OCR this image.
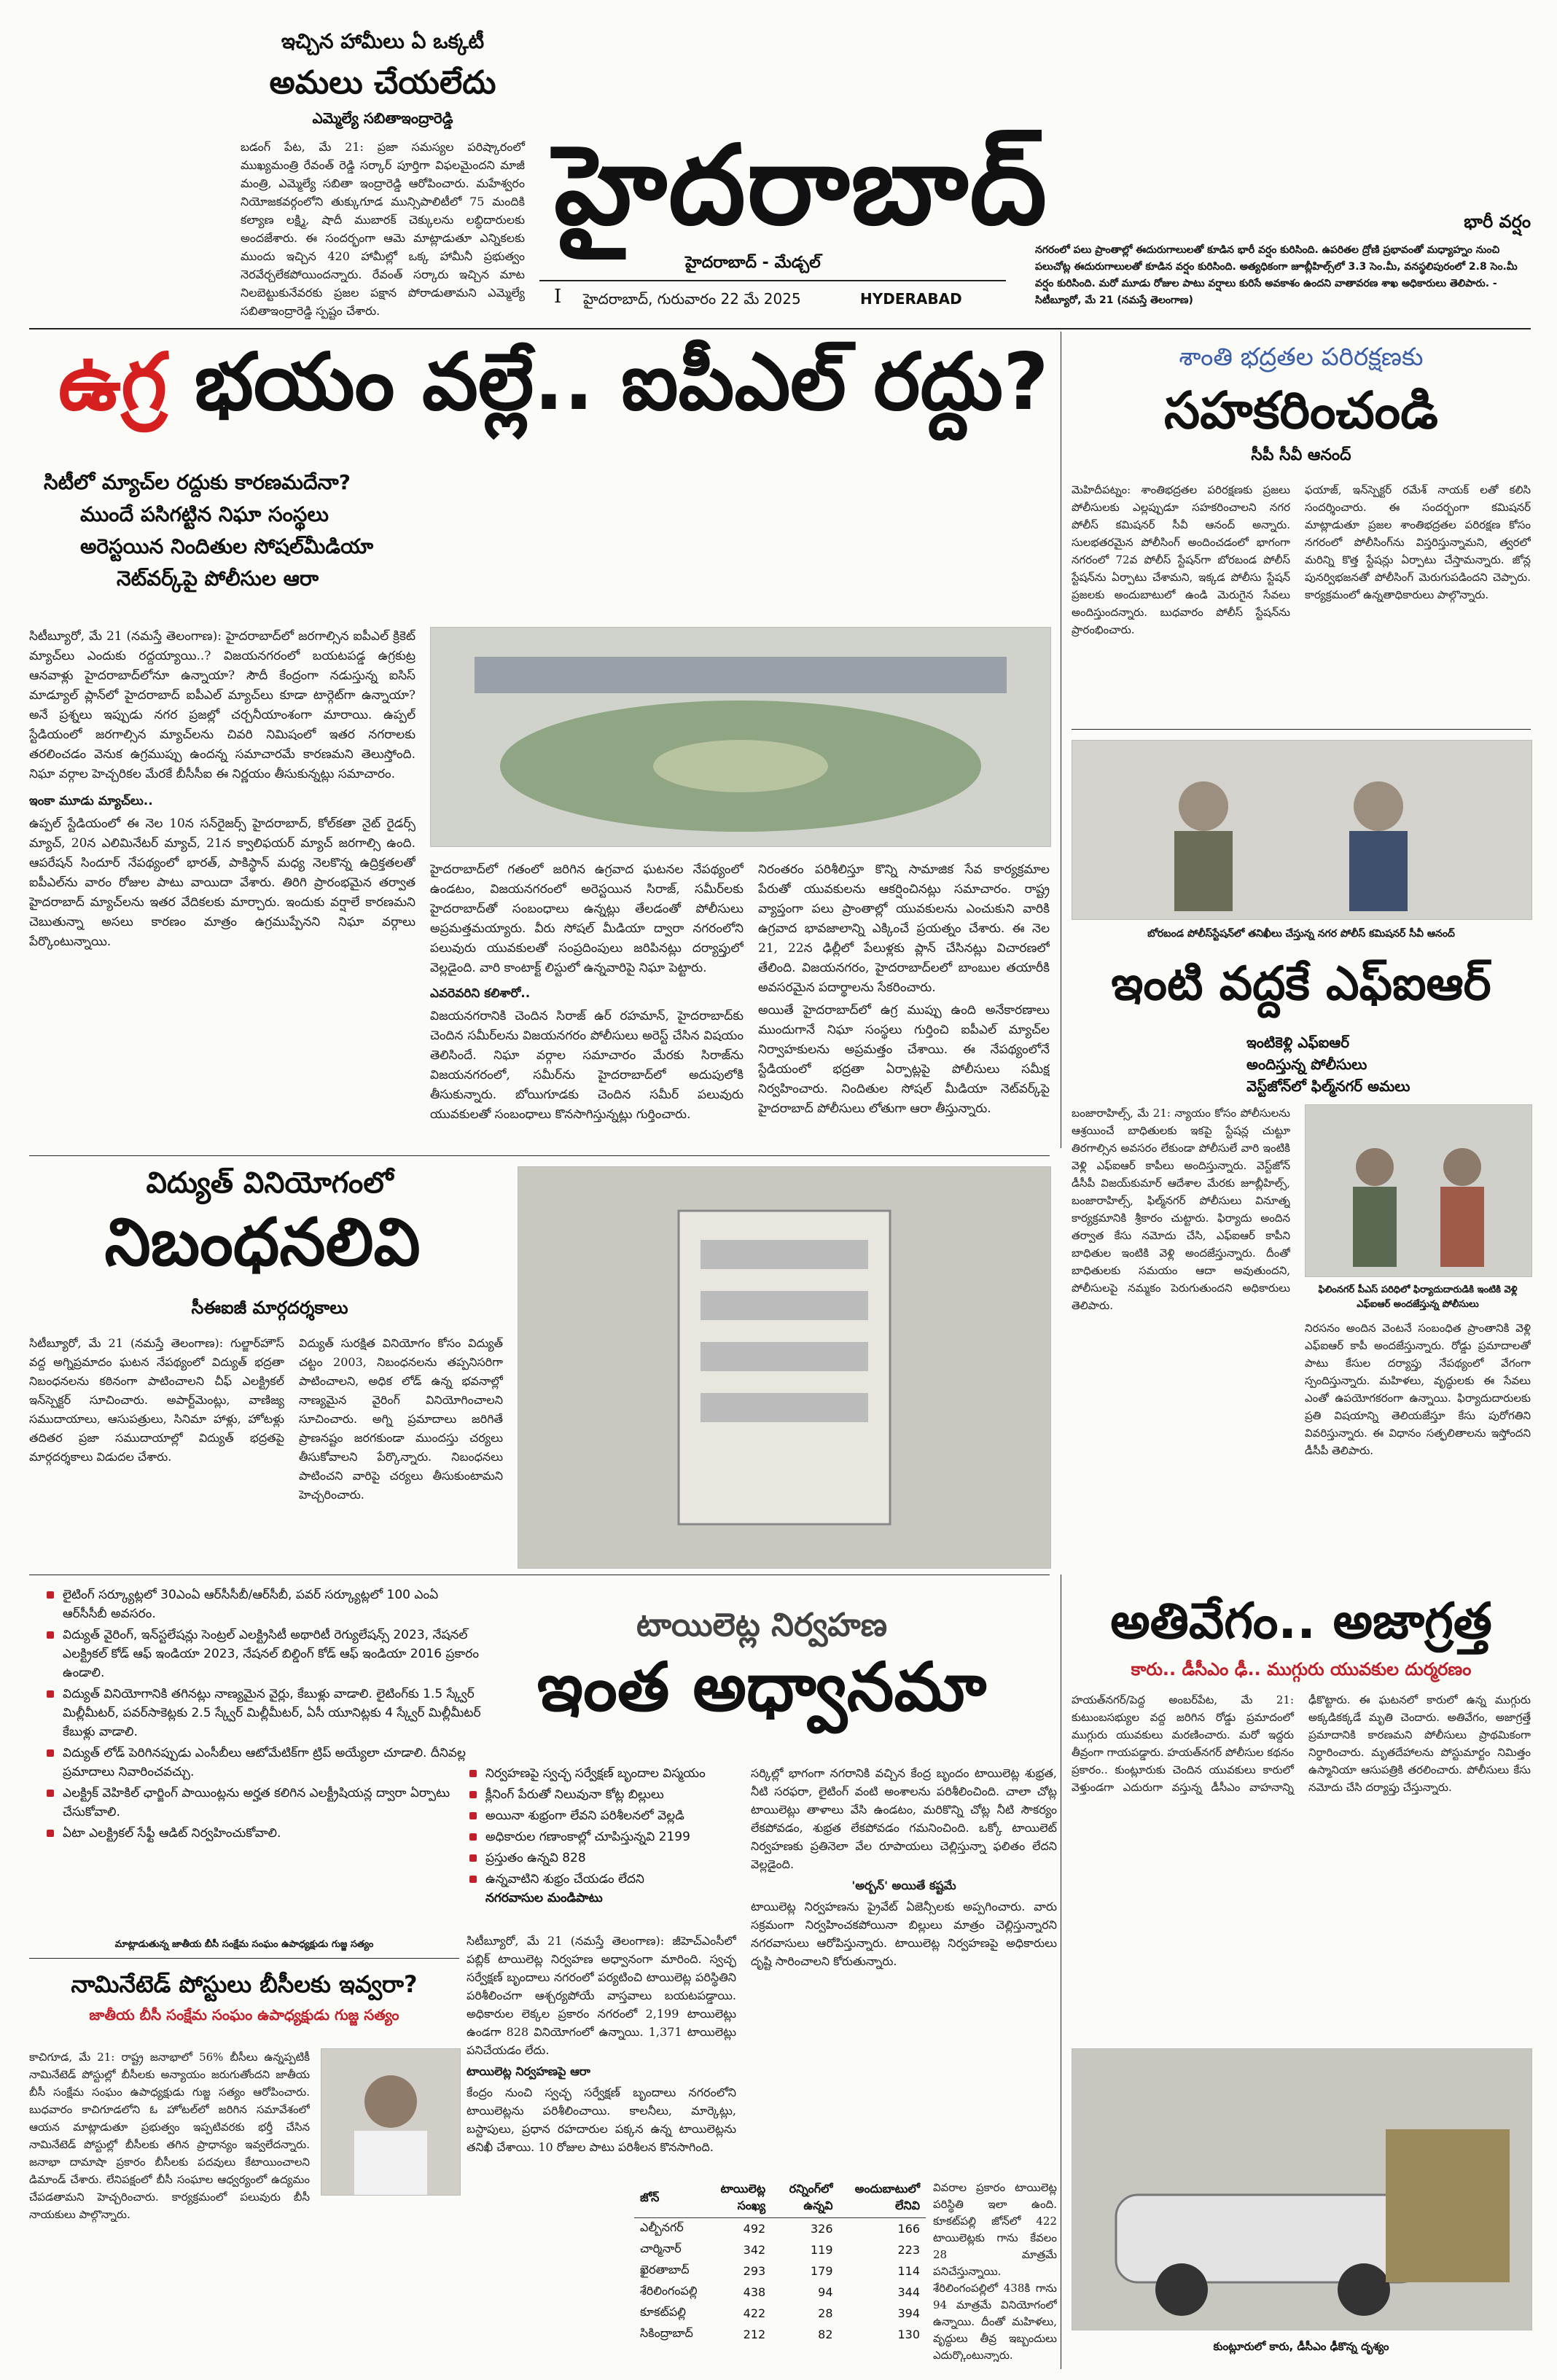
హైదరాబాద్
హైదరాబాద్ - మేడ్చల్
I హైదరాబాద్, గురువారం 22 మే 2025	HYDERABAD
ఇచ్చిన హామీలు ఏ ఒక్కటీ
అమలు చేయలేదు
ఎమ్మెల్యే సబితాఇంద్రారెడ్డి
బడంగ్ పేట, మే 21: ప్రజా సమస్యల పరిష్కారంలో ముఖ్యమంత్రి రేవంత్ రెడ్డి సర్కార్ పూర్తిగా విఫలమైందని మాజీ మంత్రి, ఎమ్మెల్యే సబితా ఇంద్రారెడ్డి ఆరోపించారు. మహేశ్వరం నియోజకవర్గంలోని తుక్కుగూడ మున్సిపాలిటీలో 75 మందికి కల్యాణ లక్ష్మి, షాదీ ముబారక్ చెక్కులను లబ్ధిదారులకు అందజేశారు. ఈ సందర్భంగా ఆమె మాట్లాడుతూ ఎన్నికలకు ముందు ఇచ్చిన 420 హామీల్లో ఒక్క హామీనీ ప్రభుత్వం నెరవేర్చలేకపోయిందన్నారు. రేవంత్ సర్కారు ఇచ్చిన మాట నిలబెట్టుకునేవరకు ప్రజల పక్షాన పోరాడుతామని ఎమ్మెల్యే సబితాఇంద్రారెడ్డి స్పష్టం చేశారు.
భారీ వర్షం
నగరంలో పలు ప్రాంతాల్లో ఈదురుగాలులతో కూడిన భారీ వర్షం కురిసింది. ఉపరితల ద్రోణి ప్రభావంతో మధ్యాహ్నం నుంచి పలుచోట్ల ఈదురుగాలులతో కూడిన వర్షం కురిసింది. అత్యధికంగా జూబ్లీహిల్స్‌లో 3.3 సెం.మీ, వనస్థలిపురంలో 2.8 సెం.మీ వర్షం కురిసింది. మరో మూడు రోజుల పాటు వర్షాలు కురిసే అవకాశం ఉందని వాతావరణ శాఖ అధికారులు తెలిపారు. - సిటీబ్యూరో, మే 21 (నమస్తే తెలంగాణ)
ఉగ్ర భయం వల్లే.. ఐపీఎల్ రద్దు?
సిటీలో మ్యాచ్‌ల రద్దుకు కారణమదేనా?
ముందే పసిగట్టిన నిఘా సంస్థలు
అరెస్టయిన నిందితుల సోషల్‌మీడియా
నెట్‌వర్క్‌పై పోలీసుల ఆరా

సిటీబ్యూరో, మే 21 (నమస్తే తెలంగాణ): హైదరాబాద్‌లో జరగాల్సిన ఐపీఎల్ క్రికెట్ మ్యాచ్‌లు ఎందుకు రద్దయ్యాయి..? విజయనగరంలో బయటపడ్డ ఉగ్రకుట్ర ఆనవాళ్లు హైదరాబాద్‌లోనూ ఉన్నాయా? సౌదీ కేంద్రంగా నడుస్తున్న ఐసిస్ మాడ్యూల్ ప్లాన్‌లో హైదరాబాద్ ఐపీఎల్ మ్యాచ్‌లు కూడా టార్గెట్‌గా ఉన్నాయా? అనే ప్రశ్నలు ఇప్పుడు నగర ప్రజల్లో చర్చనీయాంశంగా మారాయి. ఉప్పల్ స్టేడియంలో జరగాల్సిన మ్యాచ్‌లను చివరి నిమిషంలో ఇతర నగరాలకు తరలించడం వెనుక ఉగ్రముప్పు ఉందన్న సమాచారమే కారణమని తెలుస్తోంది. నిఘా వర్గాల హెచ్చరికల మేరకే బీసీసీఐ ఈ నిర్ణయం తీసుకున్నట్లు సమాచారం.

ఇంకా మూడు మ్యాచ్‌లు..

ఉప్పల్ స్టేడియంలో ఈ నెల 10న సన్‌రైజర్స్ హైదరాబాద్, కోల్‌కతా నైట్ రైడర్స్ మ్యాచ్, 20న ఎలిమినేటర్ మ్యాచ్, 21న క్వాలిఫయర్ మ్యాచ్ జరగాల్సి ఉంది. ఆపరేషన్ సిందూర్ నేపథ్యంలో భారత్, పాకిస్థాన్ మధ్య నెలకొన్న ఉద్రిక్తతలతో ఐపీఎల్‌ను వారం రోజుల పాటు వాయిదా వేశారు. తిరిగి ప్రారంభమైన తర్వాత హైదరాబాద్ మ్యాచ్‌లను ఇతర వేదికలకు మార్చారు. ఇందుకు వర్షాలే కారణమని చెబుతున్నా అసలు కారణం మాత్రం ఉగ్రముప్పేనని నిఘా వర్గాలు పేర్కొంటున్నాయి.

హైదరాబాద్‌లో గతంలో జరిగిన ఉగ్రవాద ఘటనల నేపథ్యంలో ఉండటం, విజయనగరంలో అరెస్టయిన సిరాజ్, సమీర్‌లకు హైదరాబాద్‌తో సంబంధాలు ఉన్నట్లు తేలడంతో పోలీసులు అప్రమత్తమయ్యారు. వీరు సోషల్ మీడియా ద్వారా నగరంలోని పలువురు యువకులతో సంప్రదింపులు జరిపినట్లు దర్యాప్తులో వెల్లడైంది. వారి కాంటాక్ట్ లిస్టులో ఉన్నవారిపై నిఘా పెట్టారు.

ఎవరెవరిని కలిశారో..

విజయనగరానికి చెందిన సిరాజ్ ఉర్ రహమాన్, హైదరాబాద్‌కు చెందిన సమీర్‌లను విజయనగరం పోలీసులు అరెస్ట్ చేసిన విషయం తెలిసిందే. నిఘా వర్గాల సమాచారం మేరకు సిరాజ్‌ను విజయనగరంలో, సమీర్‌ను హైదరాబాద్‌లో అదుపులోకి తీసుకున్నారు. బోయిగూడకు చెందిన సమీర్ పలువురు యువకులతో సంబంధాలు కొనసాగిస్తున్నట్లు గుర్తించారు.

నిరంతరం పరిశీలిస్తూ కొన్ని సామాజిక సేవ కార్యక్రమాల పేరుతో యువకులను ఆకర్షించినట్లు సమాచారం. రాష్ట్ర వ్యాప్తంగా పలు ప్రాంతాల్లో యువకులను ఎంచుకుని వారికి ఉగ్రవాద భావజాలాన్ని ఎక్కించే ప్రయత్నం చేశారు. ఈ నెల 21, 22న ఢిల్లీలో పేలుళ్లకు ప్లాన్ చేసినట్లు విచారణలో తేలింది. విజయనగరం, హైదరాబాద్‌లలో బాంబుల తయారీకి అవసరమైన పదార్థాలను సేకరించారు.

అయితే హైదరాబాద్‌లో ఉగ్ర ముప్పు ఉంది అనేకారణాలు ముందుగానే నిఘా సంస్థలు గుర్తించి ఐపీఎల్ మ్యాచ్‌ల నిర్వాహకులను అప్రమత్తం చేశాయి. ఈ నేపథ్యంలోనే స్టేడియంలో భద్రతా ఏర్పాట్లపై పోలీసులు సమీక్ష నిర్వహించారు. నిందితుల సోషల్ మీడియా నెట్‌వర్క్‌పై హైదరాబాద్ పోలీసులు లోతుగా ఆరా తీస్తున్నారు.

శాంతి భద్రతల పరిరక్షణకు
సహకరించండి
సీపీ సీవీ ఆనంద్
మెహిదీపట్నం: శాంతిభద్రతల పరిరక్షణకు ప్రజలు పోలీసులకు ఎల్లప్పుడూ సహకరించాలని నగర పోలీస్ కమిషనర్ సీవీ ఆనంద్ అన్నారు. సులభతరమైన పోలీసింగ్ అందించడంలో భాగంగా నగరంలో 72వ పోలీస్ స్టేషన్‌గా బోరబండ పోలీస్ స్టేషన్‌ను ఏర్పాటు చేశామని, ఇక్కడ పోలీసు స్టేషన్ ప్రజలకు అందుబాటులో ఉండి మెరుగైన సేవలు అందిస్తుందన్నారు. బుధవారం పోలీస్ స్టేషన్‌ను ప్రారంభించారు.
ఫయాజ్, ఇన్‌స్పెక్టర్ రమేశ్ నాయక్ లతో కలిసి సందర్శించారు. ఈ సందర్భంగా కమిషనర్ మాట్లాడుతూ ప్రజల శాంతిభద్రతల పరిరక్షణ కోసం నగరంలో పోలీసింగ్‌ను విస్తరిస్తున్నామని, త్వరలో మరిన్ని కొత్త స్టేషన్లు ఏర్పాటు చేస్తామన్నారు. జోన్ల పునర్విభజనతో పోలీసింగ్ మెరుగుపడిందని చెప్పారు. కార్యక్రమంలో ఉన్నతాధికారులు పాల్గొన్నారు.
బోరబండ పోలీస్‌స్టేషన్‌లో తనిఖీలు చేస్తున్న నగర పోలీస్ కమిషనర్ సీవీ ఆనంద్
ఇంటి వద్దకే ఎఫ్‌ఐఆర్
ఇంటికెళ్లి ఎఫ్‌ఐఆర్
అందిస్తున్న పోలీసులు
వెస్ట్‌జోన్‌లో ఫిల్మ్‌నగర్ అమలు
బంజారాహిల్స్, మే 21: న్యాయం కోసం పోలీసులను ఆశ్రయించే బాధితులకు ఇకపై స్టేషన్ల చుట్టూ తిరగాల్సిన అవసరం లేకుండా పోలీసులే వారి ఇంటికి వెళ్లి ఎఫ్‌ఐఆర్ కాపీలు అందిస్తున్నారు. వెస్ట్‌జోన్ డీసీపీ విజయ్‌కుమార్ ఆదేశాల మేరకు జూబ్లీహిల్స్, బంజారాహిల్స్, ఫిల్మ్‌నగర్ పోలీసులు వినూత్న కార్యక్రమానికి శ్రీకారం చుట్టారు. ఫిర్యాదు అందిన తర్వాత కేసు నమోదు చేసి, ఎఫ్‌ఐఆర్ కాపీని బాధితుల ఇంటికి వెళ్లి అందజేస్తున్నారు. దీంతో బాధితులకు సమయం ఆదా అవుతుందని, పోలీసులపై నమ్మకం పెరుగుతుందని అధికారులు తెలిపారు.
ఫిలింనగర్ పీఎస్ పరిధిలో ఫిర్యాదుదారుడికి ఇంటికి వెళ్లి ఎఫ్‌ఐఆర్ అందజేస్తున్న పోలీసులు
నిరసనం అందిన వెంటనే సంబంధిత ప్రాంతానికి వెళ్లి ఎఫ్‌ఐఆర్ కాపీ అందజేస్తున్నారు. రోడ్డు ప్రమాదాలతో పాటు కేసుల దర్యాప్తు నేపథ్యంలో వేగంగా స్పందిస్తున్నారు. మహిళలు, వృద్ధులకు ఈ సేవలు ఎంతో ఉపయోగకరంగా ఉన్నాయి. ఫిర్యాదుదారులకు ప్రతి విషయాన్ని తెలియజేస్తూ కేసు పురోగతిని వివరిస్తున్నారు. ఈ విధానం సత్ఫలితాలను ఇస్తోందని డీసీపీ తెలిపారు.
విద్యుత్ వినియోగంలో
నిబంధనలివి
సీఈఐజీ మార్గదర్శకాలు
సిటీబ్యూరో, మే 21 (నమస్తే తెలంగాణ): గుల్జార్‌హౌస్ వద్ద అగ్నిప్రమాదం ఘటన నేపథ్యంలో విద్యుత్ భద్రతా నిబంధనలను కఠినంగా పాటించాలని చీఫ్ ఎలక్ట్రికల్ ఇన్‌స్పెక్టర్ సూచించారు. అపార్ట్‌మెంట్లు, వాణిజ్య సముదాయాలు, ఆసుపత్రులు, సినిమా హాళ్లు, హోటళ్లు తదితర ప్రజా సముదాయాల్లో విద్యుత్ భద్రతపై మార్గదర్శకాలు విడుదల చేశారు.
విద్యుత్ సురక్షిత వినియోగం కోసం విద్యుత్ చట్టం 2003, నిబంధనలను తప్పనిసరిగా పాటించాలని, అధిక లోడ్ ఉన్న భవనాల్లో నాణ్యమైన వైరింగ్ వినియోగించాలని సూచించారు. అగ్ని ప్రమాదాలు జరిగితే ప్రాణనష్టం జరగకుండా ముందస్తు చర్యలు తీసుకోవాలని పేర్కొన్నారు. నిబంధనలు పాటించని వారిపై చర్యలు తీసుకుంటామని హెచ్చరించారు.
లైటింగ్ సర్క్యూట్లలో 30ఎంఏ ఆర్‌సీసీబీ/ఆర్‌సీబీ, పవర్ సర్క్యూట్లలో 100 ఎంఏ ఆర్‌సీసీబీ అవసరం.
విద్యుత్ వైరింగ్, ఇన్‌స్టలేషన్లు సెంట్రల్ ఎలక్ట్రిసిటీ అథారిటీ రెగ్యులేషన్స్ 2023, నేషనల్ ఎలక్ట్రికల్ కోడ్ ఆఫ్ ఇండియా 2023, నేషనల్ బిల్డింగ్ కోడ్ ఆఫ్ ఇండియా 2016 ప్రకారం ఉండాలి.
విద్యుత్ వినియోగానికి తగినట్లు నాణ్యమైన వైర్లు, కేబుళ్లు వాడాలి. లైటింగ్‌కు 1.5 స్క్వేర్ మిల్లీమీటర్, పవర్‌సాకెట్లకు 2.5 స్క్వేర్ మిల్లీమీటర్, ఏసీ యూనిట్లకు 4 స్క్వేర్ మిల్లీమీటర్ కేబుళ్లు వాడాలి.
విద్యుత్ లోడ్ పెరిగినప్పుడు ఎంసీబీలు ఆటోమేటిక్‌గా ట్రిప్ అయ్యేలా చూడాలి. దీనివల్ల ప్రమాదాలు నివారించవచ్చు.
ఎలక్ట్రిక్ వెహికిల్ ఛార్జింగ్ పాయింట్లను అర్హత కలిగిన ఎలక్ట్రీషియన్ల ద్వారా ఏర్పాటు చేసుకోవాలి.
ఏటా ఎలక్ట్రికల్ సేఫ్టీ ఆడిట్ నిర్వహించుకోవాలి.
టాయిలెట్ల నిర్వహణ
ఇంత అధ్వానమా
నిర్వహణపై స్వచ్ఛ సర్వేక్షణ్ బృందాల విస్మయం
క్లీనింగ్ పేరుతో నిలువునా కోట్ల బిల్లులు
అయినా శుభ్రంగా లేవని పరిశీలనలో వెల్లడి
అధికారుల గణాంకాల్లో చూపిస్తున్నవి 2199
ప్రస్తుతం ఉన్నవి 828
ఉన్నవాటిని శుభ్రం చేయడం లేదని
నగరవాసుల మండిపాటు

సిటీబ్యూరో, మే 21 (నమస్తే తెలంగాణ): జీహెచ్‌ఎంసీలో పబ్లిక్ టాయిలెట్ల నిర్వహణ అధ్వానంగా మారింది. స్వచ్ఛ సర్వేక్షణ్ బృందాలు నగరంలో పర్యటించి టాయిలెట్ల పరిస్థితిని పరిశీలించగా ఆశ్చర్యపోయే వాస్తవాలు బయటపడ్డాయి. అధికారుల లెక్కల ప్రకారం నగరంలో 2,199 టాయిలెట్లు ఉండగా 828 వినియోగంలో ఉన్నాయి. 1,371 టాయిలెట్లు పనిచేయడం లేదు.

టాయిలెట్ల నిర్వహణపై ఆరా

కేంద్రం నుంచి స్వచ్ఛ సర్వేక్షణ్ బృందాలు నగరంలోని టాయిలెట్లను పరిశీలించాయి. కాలనీలు, మార్కెట్లు, బస్టాపులు, ప్రధాన రహదారుల పక్కన ఉన్న టాయిలెట్లను తనిఖీ చేశాయి. 10 రోజుల పాటు పరిశీలన కొనసాగింది.

సర్కిల్లో భాగంగా నగరానికి వచ్చిన కేంద్ర బృందం టాయిలెట్ల శుభ్రత, నీటి సరఫరా, లైటింగ్ వంటి అంశాలను పరిశీలించింది. చాలా చోట్ల టాయిలెట్లు తాళాలు వేసి ఉండటం, మరికొన్ని చోట్ల నీటి సౌకర్యం లేకపోవడం, శుభ్రత లేకపోవడం గమనించింది. ఒక్కో టాయిలెట్ నిర్వహణకు ప్రతినెలా వేల రూపాయలు చెల్లిస్తున్నా ఫలితం లేదని వెల్లడైంది.

'అర్బన్' అయితే కష్టమే

టాయిలెట్ల నిర్వహణను ప్రైవేట్ ఏజెన్సీలకు అప్పగించారు. వారు సక్రమంగా నిర్వహించకపోయినా బిల్లులు మాత్రం చెల్లిస్తున్నారని నగరవాసులు ఆరోపిస్తున్నారు. టాయిలెట్ల నిర్వహణపై అధికారులు దృష్టి సారించాలని కోరుతున్నారు.

జోన్	టాయిలెట్ల సంఖ్య	రన్నింగ్‌లో ఉన్నవి	అందుబాటులో లేనివి
ఎల్బీనగర్	492	326	166
చార్మినార్	342	119	223
ఖైరతాబాద్	293	179	114
శేరిలింగంపల్లి	438	94	344
కూకట్‌పల్లి	422	28	394
సికింద్రాబాద్	212	82	130
వివరాల ప్రకారం టాయిలెట్ల పరిస్థితి ఇలా ఉంది. కూకట్‌పల్లి జోన్‌లో 422 టాయిలెట్లకు గాను కేవలం 28 మాత్రమే పనిచేస్తున్నాయి. శేరిలింగంపల్లిలో 438కి గాను 94 మాత్రమే వినియోగంలో ఉన్నాయి. దీంతో మహిళలు, వృద్ధులు తీవ్ర ఇబ్బందులు ఎదుర్కొంటున్నారు.
మాట్లాడుతున్న జాతీయ బీసీ సంక్షేమ సంఘం ఉపాధ్యక్షుడు గుజ్జ సత్యం
నామినేటెడ్ పోస్టులు బీసీలకు ఇవ్వరా?
జాతీయ బీసీ సంక్షేమ సంఘం ఉపాధ్యక్షుడు గుజ్జ సత్యం
కాచిగూడ, మే 21: రాష్ట్ర జనాభాలో 56% బీసీలు ఉన్నప్పటికీ నామినేటెడ్ పోస్టుల్లో బీసీలకు అన్యాయం జరుగుతోందని జాతీయ బీసీ సంక్షేమ సంఘం ఉపాధ్యక్షుడు గుజ్జ సత్యం ఆరోపించారు. బుధవారం కాచిగూడలోని ఓ హోటల్‌లో జరిగిన సమావేశంలో ఆయన మాట్లాడుతూ ప్రభుత్వం ఇప్పటివరకు భర్తీ చేసిన నామినేటెడ్ పోస్టుల్లో బీసీలకు తగిన ప్రాధాన్యం ఇవ్వలేదన్నారు. జనాభా దామాషా ప్రకారం బీసీలకు పదవులు కేటాయించాలని డిమాండ్ చేశారు. లేనిపక్షంలో బీసీ సంఘాల ఆధ్వర్యంలో ఉద్యమం చేపడతామని హెచ్చరించారు. కార్యక్రమంలో పలువురు బీసీ నాయకులు పాల్గొన్నారు.
అతివేగం.. అజాగ్రత్త
కారు.. డీసీఎం ఢీ.. ముగ్గురు యువకుల దుర్మరణం
హయత్‌నగర్/పెద్ద అంబర్‌పేట, మే 21: కుటుంబసభ్యుల వద్ద జరిగిన రోడ్డు ప్రమాదంలో ముగ్గురు యువకులు మరణించారు. మరో ఇద్దరు తీవ్రంగా గాయపడ్డారు. హయత్‌నగర్ పోలీసుల కథనం ప్రకారం.. కుంట్లూరుకు చెందిన యువకులు కారులో వెళ్తుండగా ఎదురుగా వస్తున్న డీసీఎం వాహనాన్ని ఢీకొట్టారు. ఈ ఘటనలో కారులో ఉన్న ముగ్గురు అక్కడికక్కడే మృతి చెందారు. అతివేగం, అజాగ్రత్తే ప్రమాదానికి కారణమని పోలీసులు ప్రాథమికంగా నిర్ధారించారు. మృతదేహాలను పోస్టుమార్టం నిమిత్తం ఉస్మానియా ఆసుపత్రికి తరలించారు. పోలీసులు కేసు నమోదు చేసి దర్యాప్తు చేస్తున్నారు.
కుంట్లూరులో కారు, డీసీఎం ఢీకొన్న దృశ్యం
